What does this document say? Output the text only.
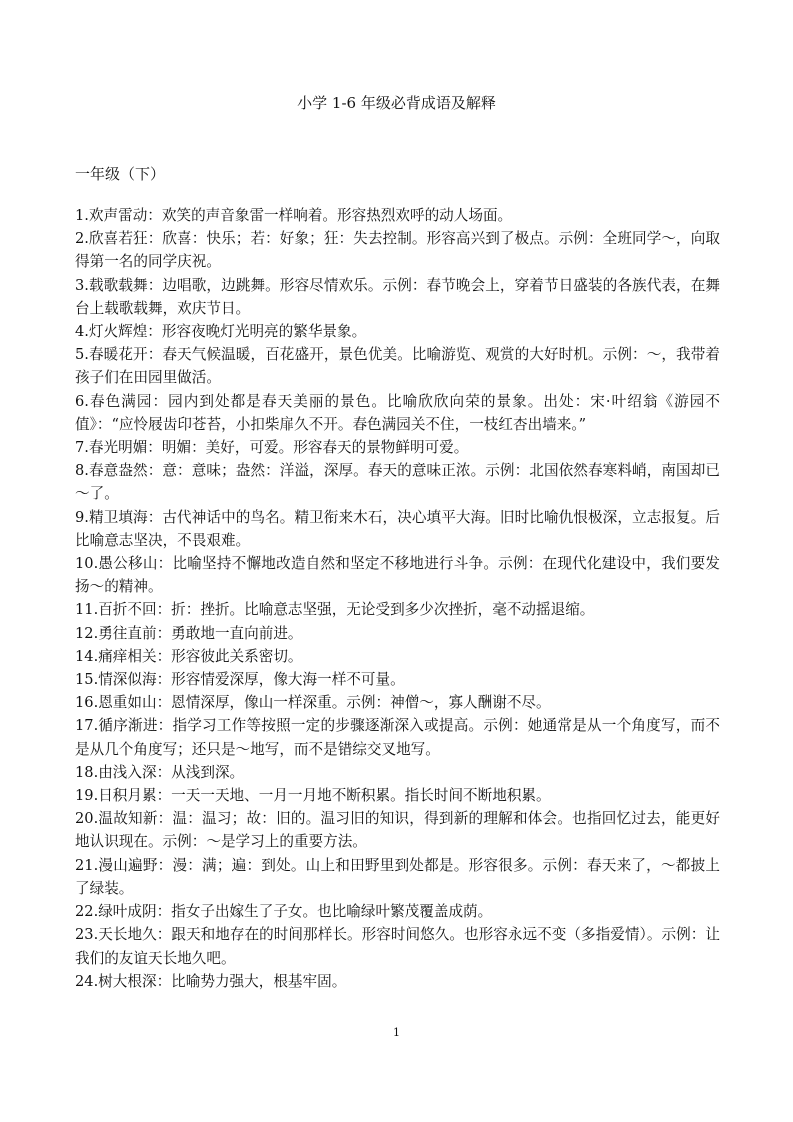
小学 1-6 年级必背成语及解释
一年级（下）

1.欢声雷动：欢笑的声音象雷一样响着。形容热烈欢呼的动人场面。

2.欣喜若狂：欣喜：快乐；若：好象；狂：失去控制。形容高兴到了极点。示例：全班同学～，向取得第一名的同学庆祝。

3.载歌载舞：边唱歌，边跳舞。形容尽情欢乐。示例：春节晚会上，穿着节日盛装的各族代表，在舞台上载歌载舞，欢庆节日。

4.灯火辉煌：形容夜晚灯光明亮的繁华景象。

5.春暖花开：春天气候温暖，百花盛开，景色优美。比喻游览、观赏的大好时机。示例：～，我带着孩子们在田园里做活。

6.春色满园：园内到处都是春天美丽的景色。比喻欣欣向荣的景象。出处：宋·叶绍翁《游园不值》：“应怜屐齿印苍苔，小扣柴扉久不开。春色满园关不住，一枝红杏出墙来。”

7.春光明媚：明媚：美好，可爱。形容春天的景物鲜明可爱。

8.春意盎然：意：意味；盎然：洋溢，深厚。春天的意味正浓。示例：北国依然春寒料峭，南国却已～了。

9.精卫填海：古代神话中的鸟名。精卫衔来木石，决心填平大海。旧时比喻仇恨极深，立志报复。后比喻意志坚决，不畏艰难。

10.愚公移山：比喻坚持不懈地改造自然和坚定不移地进行斗争。示例：在现代化建设中，我们要发扬～的精神。

11.百折不回：折：挫折。比喻意志坚强，无论受到多少次挫折，毫不动摇退缩。

12.勇往直前：勇敢地一直向前进。

14.痛痒相关：形容彼此关系密切。

15.情深似海：形容情爱深厚，像大海一样不可量。

16.恩重如山：恩情深厚，像山一样深重。示例：神僧～，寡人酬谢不尽。

17.循序渐进：指学习工作等按照一定的步骤逐渐深入或提高。示例：她通常是从一个角度写，而不是从几个角度写；还只是～地写，而不是错综交叉地写。

18.由浅入深：从浅到深。

19.日积月累：一天一天地、一月一月地不断积累。指长时间不断地积累。

20.温故知新：温：温习；故：旧的。温习旧的知识，得到新的理解和体会。也指回忆过去，能更好地认识现在。示例：～是学习上的重要方法。

21.漫山遍野：漫：满；遍：到处。山上和田野里到处都是。形容很多。示例：春天来了，～都披上了绿装。

22.绿叶成阴：指女子出嫁生了子女。也比喻绿叶繁茂覆盖成荫。

23.天长地久：跟天和地存在的时间那样长。形容时间悠久。也形容永远不变（多指爱情）。示例：让我们的友谊天长地久吧。

24.树大根深：比喻势力强大，根基牢固。

1
